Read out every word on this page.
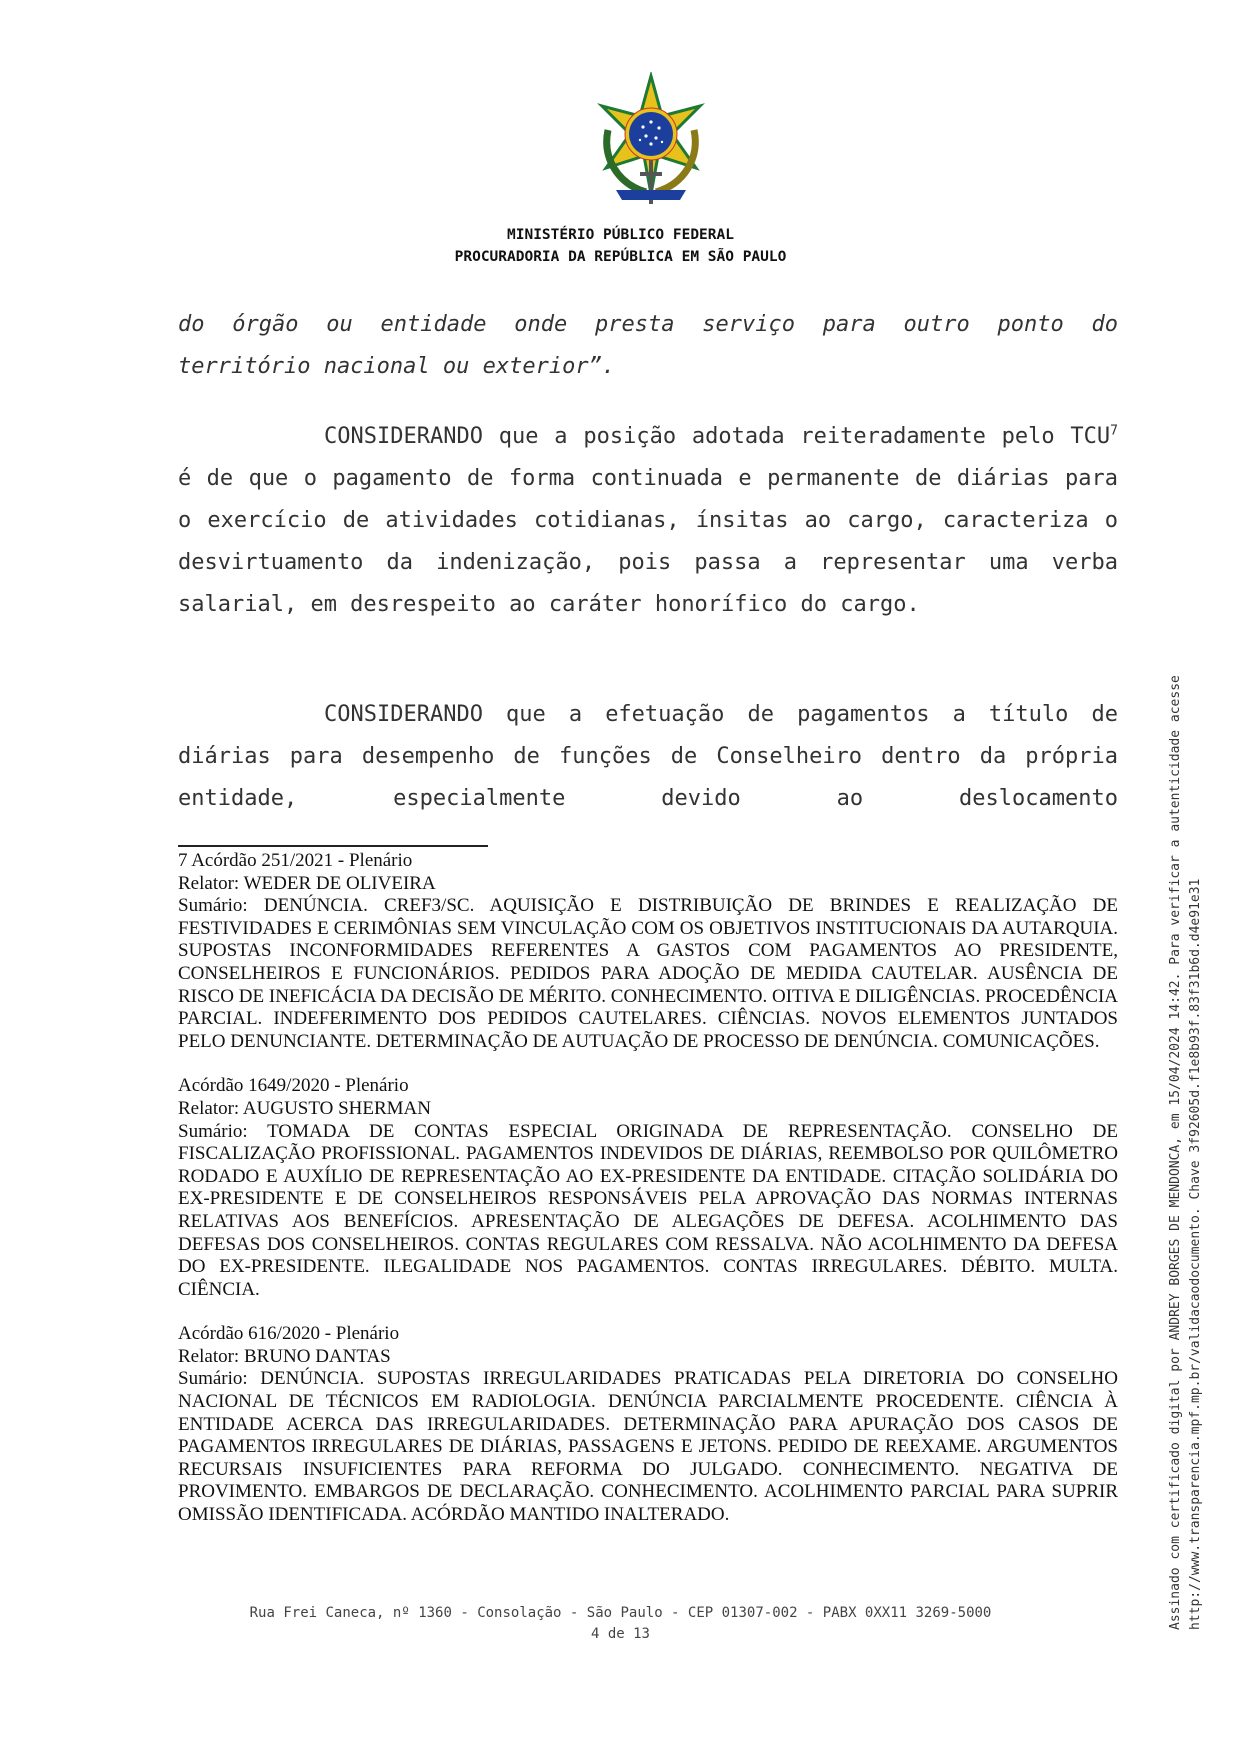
MINISTÉRIO PÚBLICO FEDERAL
PROCURADORIA DA REPÚBLICA EM SÃO PAULO
do órgão ou entidade onde presta serviço para outro ponto do território nacional ou exterior”.
CONSIDERANDO que a posição adotada reiteradamente pelo TCU$^7$ é de que o pagamento de forma continuada e permanente de diárias para o exercício de atividades cotidianas, ínsitas ao cargo, caracteriza o desvirtuamento da indenização, pois passa a representar uma verba salarial, em desrespeito ao caráter honorífico do cargo.
CONSIDERANDO que a efetuação de pagamentos a título de diárias para desempenho de funções de Conselheiro dentro da própria entidade, especialmente devido ao deslocamento
7 Acórdão 251/2021 - Plenário
Relator: WEDER DE OLIVEIRA
Sumário: DENÚNCIA. CREF3/SC. AQUISIÇÃO E DISTRIBUIÇÃO DE BRINDES E REALIZAÇÃO DE FESTIVIDADES E CERIMÔNIAS SEM VINCULAÇÃO COM OS OBJETIVOS INSTITUCIONAIS DA AUTARQUIA. SUPOSTAS INCONFORMIDADES REFERENTES A GASTOS COM PAGAMENTOS AO PRESIDENTE, CONSELHEIROS E FUNCIONÁRIOS. PEDIDOS PARA ADOÇÃO DE MEDIDA CAUTELAR. AUSÊNCIA DE RISCO DE INEFICÁCIA DA DECISÃO DE MÉRITO. CONHECIMENTO. OITIVA E DILIGÊNCIAS. PROCEDÊNCIA PARCIAL. INDEFERIMENTO DOS PEDIDOS CAUTELARES. CIÊNCIAS. NOVOS ELEMENTOS JUNTADOS PELO DENUNCIANTE. DETERMINAÇÃO DE AUTUAÇÃO DE PROCESSO DE DENÚNCIA. COMUNICAÇÕES.
Acórdão 1649/2020 - Plenário
Relator: AUGUSTO SHERMAN
Sumário: TOMADA DE CONTAS ESPECIAL ORIGINADA DE REPRESENTAÇÃO. CONSELHO DE FISCALIZAÇÃO PROFISSIONAL. PAGAMENTOS INDEVIDOS DE DIÁRIAS, REEMBOLSO POR QUILÔMETRO RODADO E AUXÍLIO DE REPRESENTAÇÃO AO EX-PRESIDENTE DA ENTIDADE. CITAÇÃO SOLIDÁRIA DO EX-PRESIDENTE E DE CONSELHEIROS RESPONSÁVEIS PELA APROVAÇÃO DAS NORMAS INTERNAS RELATIVAS AOS BENEFÍCIOS. APRESENTAÇÃO DE ALEGAÇÕES DE DEFESA. ACOLHIMENTO DAS DEFESAS DOS CONSELHEIROS. CONTAS REGULARES COM RESSALVA. NÃO ACOLHIMENTO DA DEFESA DO EX-PRESIDENTE. ILEGALIDADE NOS PAGAMENTOS. CONTAS IRREGULARES. DÉBITO. MULTA. CIÊNCIA.
Acórdão 616/2020 - Plenário
Relator: BRUNO DANTAS
Sumário: DENÚNCIA. SUPOSTAS IRREGULARIDADES PRATICADAS PELA DIRETORIA DO CONSELHO NACIONAL DE TÉCNICOS EM RADIOLOGIA. DENÚNCIA PARCIALMENTE PROCEDENTE. CIÊNCIA À ENTIDADE ACERCA DAS IRREGULARIDADES. DETERMINAÇÃO PARA APURAÇÃO DOS CASOS DE PAGAMENTOS IRREGULARES DE DIÁRIAS, PASSAGENS E JETONS. PEDIDO DE REEXAME. ARGUMENTOS RECURSAIS INSUFICIENTES PARA REFORMA DO JULGADO. CONHECIMENTO. NEGATIVA DE PROVIMENTO. EMBARGOS DE DECLARAÇÃO. CONHECIMENTO. ACOLHIMENTO PARCIAL PARA SUPRIR OMISSÃO IDENTIFICADA. ACÓRDÃO MANTIDO INALTERADO.
Rua Frei Caneca, nº 1360 - Consolação - São Paulo - CEP 01307-002 - PABX 0XX11 3269-5000
4 de 13
Assinado com certificado digital por ANDREY BORGES DE MENDONCA, em 15/04/2024 14:42. Para verificar a autenticidade acesse http://www.transparencia.mpf.mp.br/validacaodocumento. Chave 3f92605d.f1e8b93f.83f31b6d.d4e91e31
